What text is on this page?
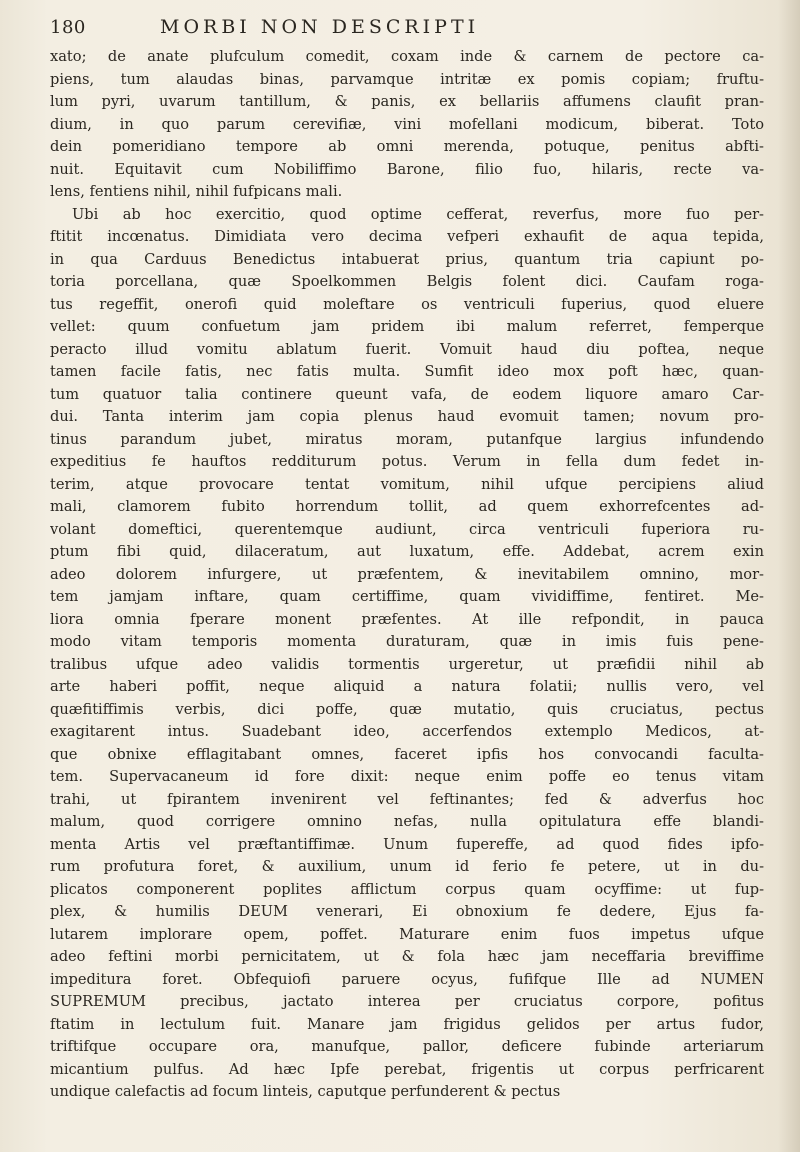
180	MORBI NON DESCRIPTI
xato; de anate plufculum comedit, coxam inde & carnem de pectore ca-
piens, tum alaudas binas, parvamque intritæ ex pomis copiam; fruftu-
lum pyri, uvarum tantillum, & panis, ex bellariis affumens claufit pran-
dium, in quo parum cerevifiæ, vini mofellani modicum, biberat. Toto
dein pomeridiano tempore ab omni merenda, potuque, penitus abfti-
nuit. Equitavit cum Nobiliffimo Barone, filio fuo, hilaris, recte va-
lens, fentiens nihil, nihil fufpicans mali.
Ubi ab hoc exercitio, quod optime cefferat, reverfus, more fuo per-
ftitit incœnatus. Dimidiata vero decima vefperi exhaufit de aqua tepida,
in qua Carduus Benedictus intabuerat prius, quantum tria capiunt po-
toria porcellana, quæ Spoelkommen Belgis folent dici. Caufam roga-
tus regeffit, onerofi quid moleftare os ventriculi fuperius, quod eluere
vellet: quum confuetum jam pridem ibi malum referret, femperque
peracto illud vomitu ablatum fuerit. Vomuit haud diu poftea, neque
tamen facile fatis, nec fatis multa. Sumfit ideo mox poft hæc, quan-
tum quatuor talia continere queunt vafa, de eodem liquore amaro Car-
dui. Tanta interim jam copia plenus haud evomuit tamen; novum pro-
tinus parandum jubet, miratus moram, putanfque largius infundendo
expeditius fe hauftos redditurum potus. Verum in fella dum fedet in-
terim, atque provocare tentat vomitum, nihil ufque percipiens aliud
mali, clamorem fubito horrendum tollit, ad quem exhorrefcentes ad-
volant domeftici, querentemque audiunt, circa ventriculi fuperiora ru-
ptum fibi quid, dilaceratum, aut luxatum, effe. Addebat, acrem exin
adeo dolorem infurgere, ut præfentem, & inevitabilem omnino, mor-
tem jamjam inftare, quam certiffime, quam vividiffime, fentiret. Me-
liora omnia fperare monent præfentes. At ille refpondit, in pauca
modo vitam temporis momenta duraturam, quæ in imis fuis pene-
tralibus ufque adeo validis tormentis urgeretur, ut præfidii nihil ab
arte haberi poffit, neque aliquid a natura folatii; nullis vero, vel
quæfitiffimis verbis, dici poffe, quæ mutatio, quis cruciatus, pectus
exagitarent intus. Suadebant ideo, accerfendos extemplo Medicos, at-
que obnixe efflagitabant omnes, faceret ipfis hos convocandi faculta-
tem. Supervacaneum id fore dixit: neque enim poffe eo tenus vitam
trahi, ut fpirantem invenirent vel feftinantes; fed & adverfus hoc
malum, quod corrigere omnino nefas, nulla opitulatura effe blandi-
menta Artis vel præftantiffimæ. Unum fupereffe, ad quod fides ipfo-
rum profutura foret, & auxilium, unum id ferio fe petere, ut in du-
plicatos componerent poplites afflictum corpus quam ocyffime: ut fup-
plex, & humilis DEUM venerari, Ei obnoxium fe dedere, Ejus fa-
lutarem implorare opem, poffet. Maturare enim fuos impetus ufque
adeo feftini morbi pernicitatem, ut & fola hæc jam neceffaria breviffime
impeditura foret. Obfequiofi paruere ocyus, fufifque Ille ad NUMEN
SUPREMUM precibus, jactato interea per cruciatus corpore, pofitus
ftatim in lectulum fuit. Manare jam frigidus gelidos per artus fudor,
triftifque occupare ora, manufque, pallor, deficere fubinde arteriarum
micantium pulfus. Ad hæc Ipfe perebat, frigentis ut corpus perfricarent
undique calefactis ad focum linteis, caputque perfunderent & pectus
